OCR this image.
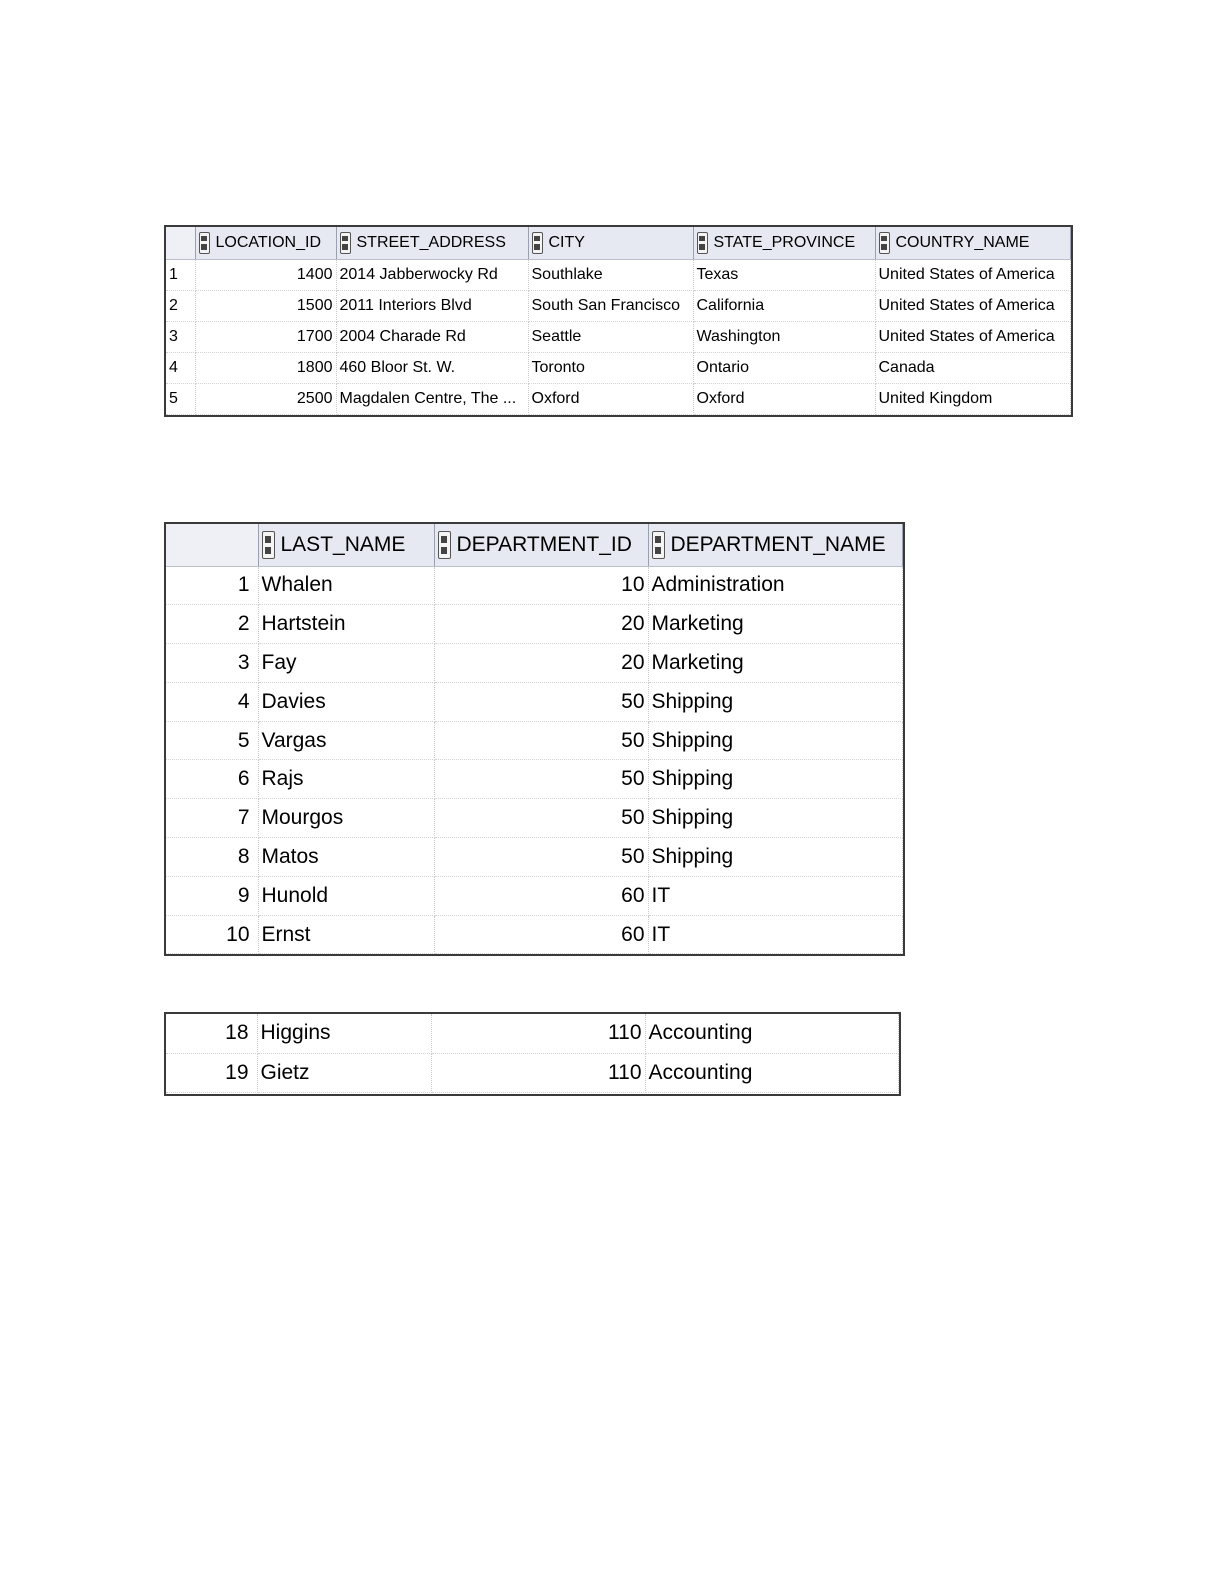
	LOCATION_ID	STREET_ADDRESS	CITY	STATE_PROVINCE	COUNTRY_NAME
1	1400	2014 Jabberwocky Rd	Southlake	Texas	United States of America
2	1500	2011 Interiors Blvd	South San Francisco	California	United States of America
3	1700	2004 Charade Rd	Seattle	Washington	United States of America
4	1800	460 Bloor St. W.	Toronto	Ontario	Canada
5	2500	Magdalen Centre, The ...	Oxford	Oxford	United Kingdom
	LAST_NAME	DEPARTMENT_ID	DEPARTMENT_NAME
1	Whalen	10	Administration
2	Hartstein	20	Marketing
3	Fay	20	Marketing
4	Davies	50	Shipping
5	Vargas	50	Shipping
6	Rajs	50	Shipping
7	Mourgos	50	Shipping
8	Matos	50	Shipping
9	Hunold	60	IT
10	Ernst	60	IT
18	Higgins	110	Accounting
19	Gietz	110	Accounting
